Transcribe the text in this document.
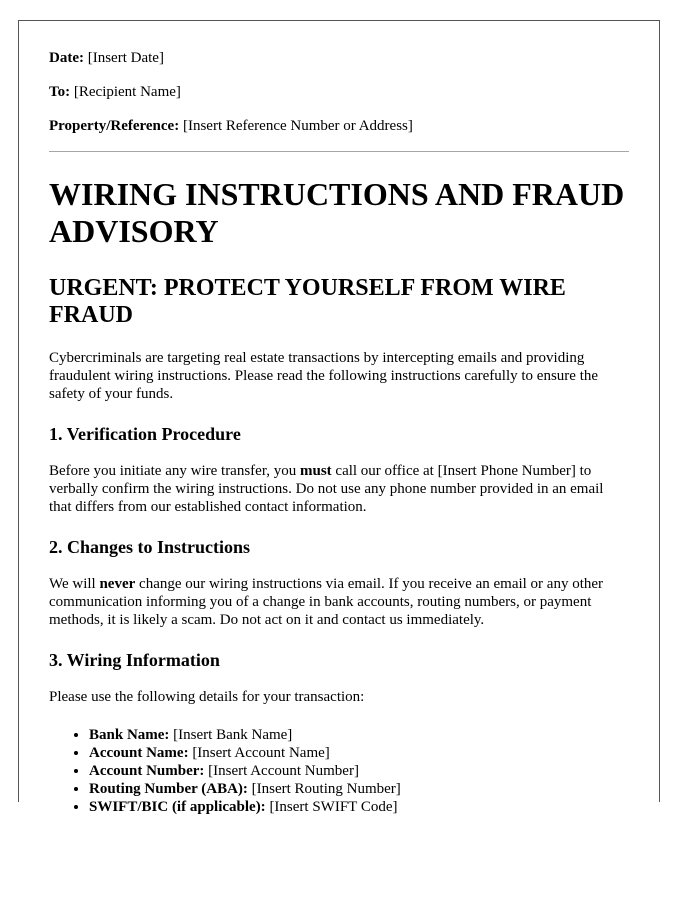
Date: [Insert Date]
To: [Recipient Name]
Property/Reference: [Insert Reference Number or Address]
WIRING INSTRUCTIONS AND FRAUD ADVISORY
URGENT: PROTECT YOURSELF FROM WIRE FRAUD

Cybercriminals are targeting real estate transactions by intercepting emails and providing fraudulent wiring instructions. Please read the following instructions carefully to ensure the safety of your funds.

1. Verification Procedure

Before you initiate any wire transfer, you must call our office at [Insert Phone Number] to verbally confirm the wiring instructions. Do not use any phone number provided in an email that differs from our established contact information.

2. Changes to Instructions

We will never change our wiring instructions via email. If you receive an email or any other communication informing you of a change in bank accounts, routing numbers, or payment methods, it is likely a scam. Do not act on it and contact us immediately.

3. Wiring Information

Please use the following details for your transaction:

• Bank Name: [Insert Bank Name]
• Account Name: [Insert Account Name]
• Account Number: [Insert Account Number]
• Routing Number (ABA): [Insert Routing Number]
• SWIFT/BIC (if applicable): [Insert SWIFT Code]
